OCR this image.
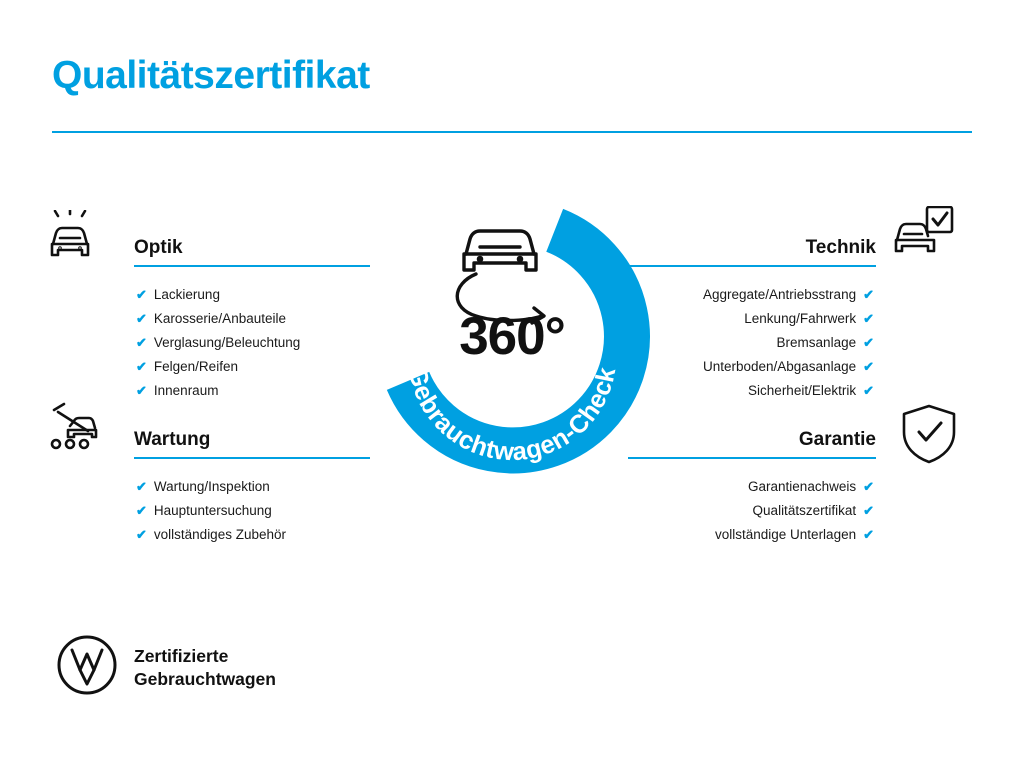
Qualitätszertifikat
Gebrauchtwagen-Check
360°
Optik
✔ Lackierung
✔ Karosserie/Anbauteile
✔ Verglasung/Beleuchtung
✔ Felgen/Reifen
✔ Innenraum
Wartung
✔ Wartung/Inspektion
✔ Hauptuntersuchung
✔ vollständiges Zubehör
Technik
Aggregate/Antriebsstrang ✔
Lenkung/Fahrwerk ✔
Bremsanlage ✔
Unterboden/Abgasanlage ✔
Sicherheit/Elektrik ✔
Garantie
Garantienachweis ✔
Qualitätszertifikat ✔
vollständige Unterlagen ✔
Zertifizierte
Gebrauchtwagen
